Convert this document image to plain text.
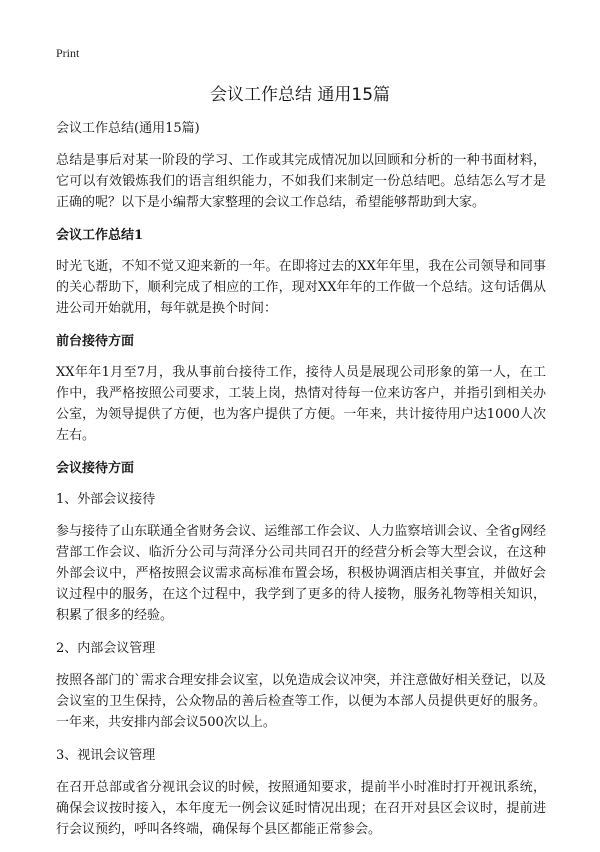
Print
会议工作总结 通用15篇

会议工作总结(通用15篇)

总结是事后对某一阶段的学习、工作或其完成情况加以回顾和分析的一种书面材料，它可以有效锻炼我们的语言组织能力，不如我们来制定一份总结吧。总结怎么写才是正确的呢？以下是小编帮大家整理的会议工作总结，希望能够帮助到大家。

会议工作总结1

时光飞逝，不知不觉又迎来新的一年。在即将过去的XX年年里，我在公司领导和同事的关心帮助下，顺利完成了相应的工作，现对XX年年的工作做一个总结。这句话偶从进公司开始就用，每年就是换个时间：

前台接待方面

XX年年1月至7月，我从事前台接待工作，接待人员是展现公司形象的第一人，在工作中，我严格按照公司要求，工装上岗，热情对待每一位来访客户，并指引到相关办公室，为领导提供了方便，也为客户提供了方便。一年来，共计接待用户达1000人次左右。

会议接待方面

1、外部会议接待

参与接待了山东联通全省财务会议、运维部工作会议、人力监察培训会议、全省g网经营部工作会议、临沂分公司与菏泽分公司共同召开的经营分析会等大型会议，在这种外部会议中，严格按照会议需求高标准布置会场，积极协调酒店相关事宜，并做好会议过程中的服务，在这个过程中，我学到了更多的待人接物，服务礼物等相关知识，积累了很多的经验。

2、内部会议管理

按照各部门的`需求合理安排会议室，以免造成会议冲突，并注意做好相关登记，以及会议室的卫生保持，公众物品的善后检查等工作，以便为本部人员提供更好的服务。一年来，共安排内部会议500次以上。

3、视讯会议管理

在召开总部或省分视讯会议的时候，按照通知要求，提前半小时准时打开视讯系统，确保会议按时接入，本年度无一例会议延时情况出现；在召开对县区会议时，提前进行会议预约，呼叫各终端，确保每个县区都能正常参会。
